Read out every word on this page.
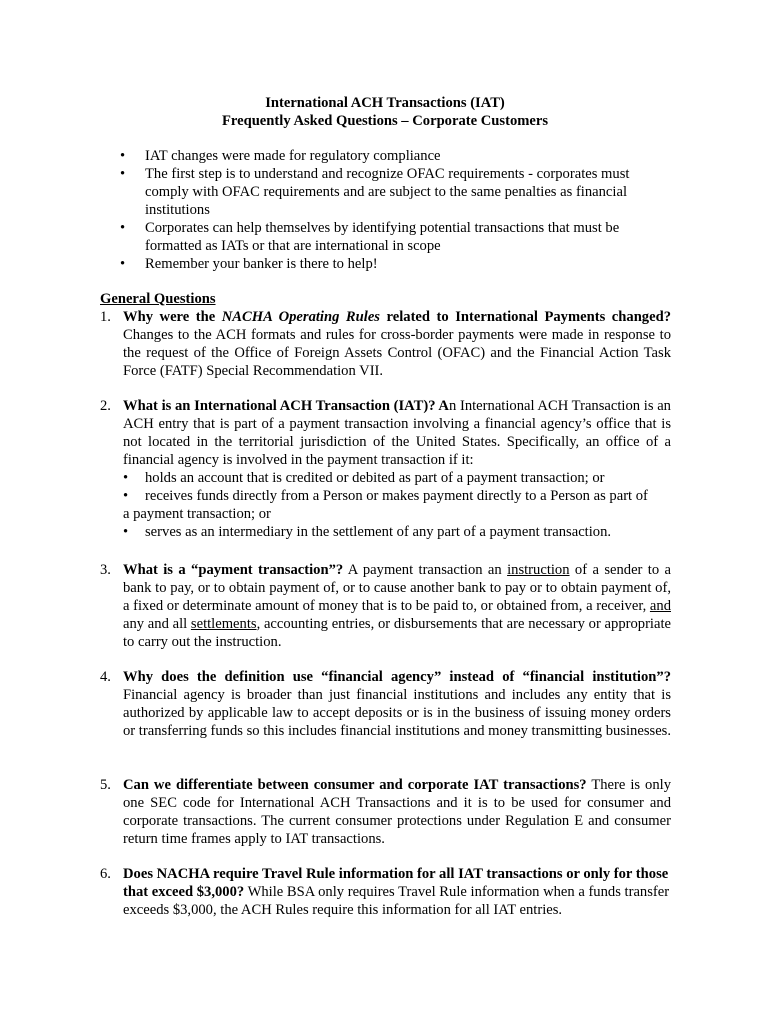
International ACH Transactions (IAT)
Frequently Asked Questions – Corporate Customers
• IAT changes were made for regulatory compliance
• The first step is to understand and recognize OFAC requirements - corporates must comply with OFAC requirements and are subject to the same penalties as financial institutions
• Corporates can help themselves by identifying potential transactions that must be formatted as IATs or that are international in scope
• Remember your banker is there to help!
General Questions
1. Why were the NACHA Operating Rules related to International Payments changed? Changes to the ACH formats and rules for cross-border payments were made in response to the request of the Office of Foreign Assets Control (OFAC) and the Financial Action Task Force (FATF) Special Recommendation VII.
2. What is an International ACH Transaction (IAT)? An International ACH Transaction is an ACH entry that is part of a payment transaction involving a financial agency’s office that is not located in the territorial jurisdiction of the United States. Specifically, an office of a financial agency is involved in the payment transaction if it:
• holds an account that is credited or debited as part of a payment transaction; or
• receives funds directly from a Person or makes payment directly to a Person as part of
a payment transaction; or
• serves as an intermediary in the settlement of any part of a payment transaction.
3. What is a “payment transaction”? A payment transaction an instruction of a sender to a bank to pay, or to obtain payment of, or to cause another bank to pay or to obtain payment of, a fixed or determinate amount of money that is to be paid to, or obtained from, a receiver, and any and all settlements, accounting entries, or disbursements that are necessary or appropriate to carry out the instruction.
4. Why does the definition use “financial agency” instead of “financial institution”? Financial agency is broader than just financial institutions and includes any entity that is authorized by applicable law to accept deposits or is in the business of issuing money orders or transferring funds so this includes financial institutions and money transmitting businesses.
5. Can we differentiate between consumer and corporate IAT transactions? There is only one SEC code for International ACH Transactions and it is to be used for consumer and corporate transactions. The current consumer protections under Regulation E and consumer return time frames apply to IAT transactions.
6. Does NACHA require Travel Rule information for all IAT transactions or only for those that exceed $3,000? While BSA only requires Travel Rule information when a funds transfer exceeds $3,000, the ACH Rules require this information for all IAT entries.
